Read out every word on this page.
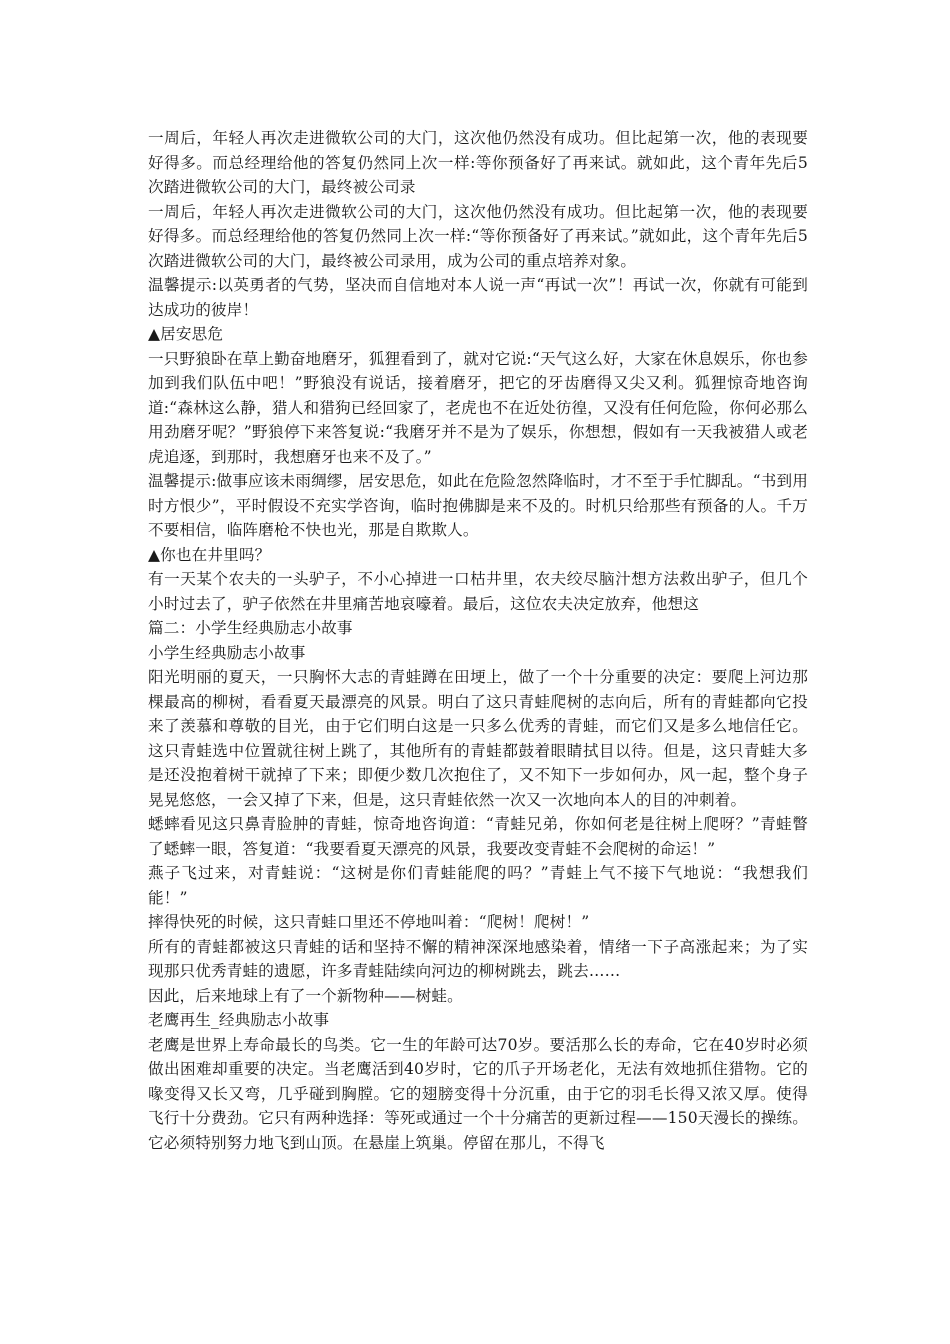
一周后，年轻人再次走进微软公司的大门，这次他仍然没有成功。但比起第一次，他的表现要好得多。而总经理给他的答复仍然同上次一样:等你预备好了再来试。就如此，这个青年先后5次踏进微软公司的大门，最终被公司录

一周后，年轻人再次走进微软公司的大门，这次他仍然没有成功。但比起第一次，他的表现要好得多。而总经理给他的答复仍然同上次一样:“等你预备好了再来试。”就如此，这个青年先后5次踏进微软公司的大门，最终被公司录用，成为公司的重点培养对象。

温馨提示:以英勇者的气势，坚决而自信地对本人说一声“再试一次”！再试一次，你就有可能到达成功的彼岸！

▲居安思危

一只野狼卧在草上勤奋地磨牙，狐狸看到了，就对它说:“天气这么好，大家在休息娱乐，你也参加到我们队伍中吧！”野狼没有说话，接着磨牙，把它的牙齿磨得又尖又利。狐狸惊奇地咨询道:“森林这么静，猎人和猎狗已经回家了，老虎也不在近处彷徨，又没有任何危险，你何必那么用劲磨牙呢？”野狼停下来答复说:“我磨牙并不是为了娱乐，你想想，假如有一天我被猎人或老虎追逐，到那时，我想磨牙也来不及了。”

温馨提示:做事应该未雨绸缪，居安思危，如此在危险忽然降临时，才不至于手忙脚乱。“书到用时方恨少”，平时假设不充实学咨询，临时抱佛脚是来不及的。时机只给那些有预备的人。千万不要相信，临阵磨枪不快也光，那是自欺欺人。

▲你也在井里吗？

有一天某个农夫的一头驴子，不小心掉进一口枯井里，农夫绞尽脑汁想方法救出驴子，但几个小时过去了，驴子依然在井里痛苦地哀嚎着。最后，这位农夫决定放弃，他想这

篇二：小学生经典励志小故事

小学生经典励志小故事

阳光明丽的夏天，一只胸怀大志的青蛙蹲在田埂上，做了一个十分重要的决定：要爬上河边那棵最高的柳树，看看夏天最漂亮的风景。明白了这只青蛙爬树的志向后，所有的青蛙都向它投来了羡慕和尊敬的目光，由于它们明白这是一只多么优秀的青蛙，而它们又是多么地信任它。这只青蛙选中位置就往树上跳了，其他所有的青蛙都鼓着眼睛拭目以待。但是，这只青蛙大多是还没抱着树干就掉了下来；即便少数几次抱住了，又不知下一步如何办，风一起，整个身子晃晃悠悠，一会又掉了下来，但是，这只青蛙依然一次又一次地向本人的目的冲刺着。

蟋蟀看见这只鼻青脸肿的青蛙，惊奇地咨询道：“青蛙兄弟，你如何老是往树上爬呀？”青蛙瞥了蟋蟀一眼，答复道：“我要看夏天漂亮的风景，我要改变青蛙不会爬树的命运！”

燕子飞过来，对青蛙说：“这树是你们青蛙能爬的吗？”青蛙上气不接下气地说：“我想我们能！”

摔得快死的时候，这只青蛙口里还不停地叫着：“爬树！爬树！”

所有的青蛙都被这只青蛙的话和坚持不懈的精神深深地感染着，情绪一下子高涨起来；为了实现那只优秀青蛙的遗愿，许多青蛙陆续向河边的柳树跳去，跳去……

因此，后来地球上有了一个新物种——树蛙。

老鹰再生_经典励志小故事

老鹰是世界上寿命最长的鸟类。它一生的年龄可达70岁。要活那么长的寿命，它在40岁时必须做出困难却重要的决定。当老鹰活到40岁时，它的爪子开场老化，无法有效地抓住猎物。它的喙变得又长又弯，几乎碰到胸膛。它的翅膀变得十分沉重，由于它的羽毛长得又浓又厚。使得飞行十分费劲。它只有两种选择：等死或通过一个十分痛苦的更新过程——150天漫长的操练。它必须特别努力地飞到山顶。在悬崖上筑巢。停留在那儿，不得飞
